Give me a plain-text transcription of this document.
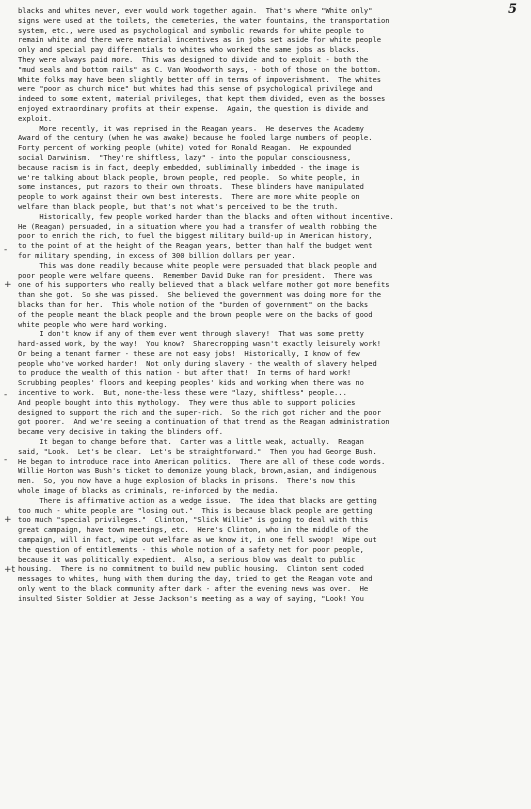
5
blacks and whites never, ever would work together again.  That's where "White only"
signs were used at the toilets, the cemeteries, the water fountains, the transportation
system, etc., were used as psychological and symbolic rewards for white people to
remain white and there were material incentives as in jobs set aside for white people
only and special pay differentials to whites who worked the same jobs as blacks.
They were always paid more.  This was designed to divide and to exploit - both the
"mud seals and bottom rails" as C. Van Woodworth says, - both of those on the bottom.
White folks may have been slightly better off in terms of impoverishment.  The whites
were "poor as church mice" but whites had this sense of psychological privilege and
indeed to some extent, material privileges, that kept them divided, even as the bosses
enjoyed extraordinary profits at their expense.  Again, the question is divide and
exploit.
More recently, it was reprised in the Reagan years.  He deserves the Academy
Award of the century (when he was awake) because he fooled large numbers of people.
Forty percent of working people (white) voted for Ronald Reagan.  He expounded
social Darwinism.  "They're shiftless, lazy" - into the popular consciousness,
because racism is in fact, deeply embedded, subliminally imbedded - the image is
we're talking about black people, brown people, red people.  So white people, in
some instances, put razors to their own throats.  These blinders have manipulated
people to work against their own best interests.  There are more white people on
welfare than black people, but that's not what's perceived to be the truth.
Historically, few people worked harder than the blacks and often without incentive.
He (Reagan) persuaded, in a situation where you had a transfer of wealth robbing the
poor to enrich the rich, to fuel the biggest military build-up in American history,
to the point of at the height of the Reagan years, better than half the budget went
for military spending, in excess of 300 billion dollars per year.
This was done readily because white people were persuaded that black people and
poor people were welfare queens.  Remember David Duke ran for president.  There was
one of his supporters who really believed that a black welfare mother got more benefits
than she got.  So she was pissed.  She believed the government was doing more for the
blacks than for her.  This whole notion of the "burden of government" on the backs
of the people meant the black people and the brown people were on the backs of good
white people who were hard working.
I don't know if any of them ever went through slavery!  That was some pretty
hard-assed work, by the way!  You know?  Sharecropping wasn't exactly leisurely work!
Or being a tenant farmer - these are not easy jobs!  Historically, I know of few
people who've worked harder!  Not only during slavery - the wealth of slavery helped
to produce the wealth of this nation - but after that!  In terms of hard work!
Scrubbing peoples' floors and keeping peoples' kids and working when there was no
incentive to work.  But, none-the-less these were "lazy, shiftless" people...
And people bought into this mythology.  They were thus able to support policies
designed to support the rich and the super-rich.  So the rich got richer and the poor
got poorer.  And we're seeing a continuation of that trend as the Reagan administration
became very decisive in taking the blinders off.
It began to change before that.  Carter was a little weak, actually.  Reagan
said, "Look.  Let's be clear.  Let's be straightforward."  Then you had George Bush.
He began to introduce race into American politics.  There are all of these code words.
Willie Horton was Bush's ticket to demonize young black, brown,asian, and indigenous
men.  So, you now have a huge explosion of blacks in prisons.  There's now this
whole image of blacks as criminals, re-inforced by the media.
There is affirmative action as a wedge issue.  The idea that blacks are getting
too much - white people are "losing out."  This is because black people are getting
too much "special privileges."  Clinton, "Slick Willie" is going to deal with this
great campaign, have town meetings, etc.  Here's Clinton, who in the middle of the
campaign, will in fact, wipe out welfare as we know it, in one fell swoop!  Wipe out
the question of entitlements - this whole notion of a safety net for poor people,
because it was politically expedient.  Also, a serious blow was dealt to public
housing.  There is no commitment to build new public housing.  Clinton sent coded
messages to whites, hung with them during the day, tried to get the Reagan vote and
only went to the black community after dark - after the evening news was over.  He
insulted Sister Soldier at Jesse Jackson's meeting as a way of saying, "Look! You
-
+
-
-
+
+t
